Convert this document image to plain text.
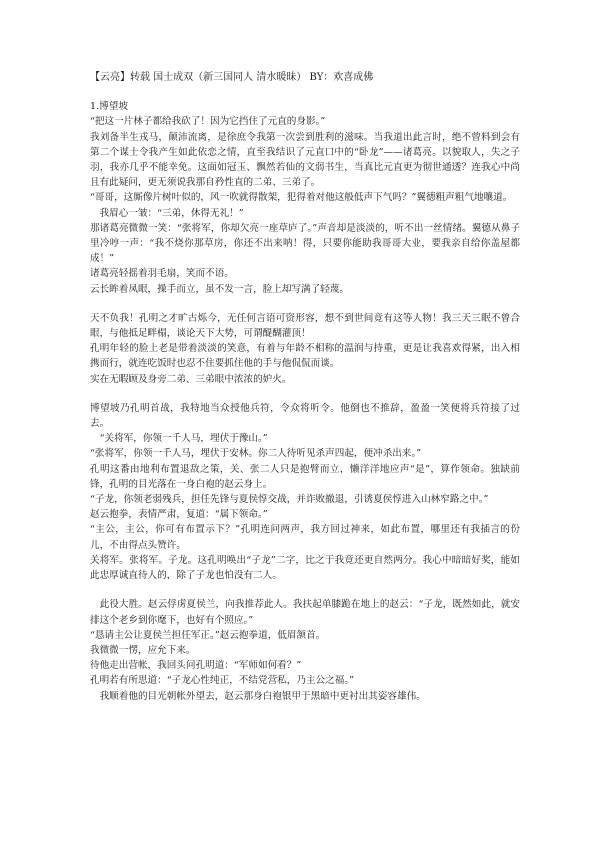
【云亮】转载 国士成双（新三国同人 清水暖昧） BY：欢喜成佛

1.博望坡

“把这一片林子都给我砍了！因为它挡住了元直的身影。”

我刘备半生戎马，颠沛流离，是徐庶令我第一次尝到胜利的滋味。当我道出此言时，绝不曾料到会有第二个谋士令我产生如此依恋之情，直至我结识了元直口中的“卧龙”——诸葛亮。以貌取人，失之子羽，我亦几乎不能幸免。这面如冠玉、飘然若仙的文弱书生，当真比元直更为彻世通透？连我心中尚且有此疑问，更无须说我那自矜性直的二弟、三弟了。

“哥哥，这厮像片树叶似的，风一吹就得散架，犯得着对他这般低声下气吗？”翼德粗声粗气地嚷道。

我眉心一皱：“三弟，休得无礼！”

那诸葛亮微微一笑：“张将军，你却欠亮一座草庐了。”声音却是淡淡的，听不出一丝情绪。翼德从鼻子里冷哼一声：“我不烧你那草房，你还不出来呐！得，只要你能助我哥哥大业，要我亲自给你盖屋都成！”

诸葛亮轻摇着羽毛扇，笑而不语。

云长眸着凤眼，操手而立，虽不发一言，脸上却写满了轻蔑。

天不负我！孔明之才旷古烁今，无任何言语可资形容，想不到世间竟有这等人物！我三天三眠不曾合眼，与他抵足畔榻，谈论天下大势，可谓醍醐灌顶！

孔明年轻的脸上老是带着淡淡的笑意，有着与年龄不相称的温润与持重，更是让我喜欢得紧，出入相携而行，就连吃饭时也忍不住要抓住他的手与他侃侃而谈。

实在无暇顾及身旁二弟、三弟眼中浓浓的妒火。

博望坡乃孔明首战，我特地当众授他兵符，令众将听令。他倒也不推辞，盈盈一笑便将兵符接了过去。

“关将军，你领一千人马，埋伏于豫山。”

“张将军，你领一千人马，埋伏于安林。你二人待听见杀声四起，便冲杀出来。”

孔明这番由地利布置退敌之策，关、张二人只是抱臂而立，懒洋洋地应声“是”，算作领命。独缺前锋，孔明的目光落在一身白袍的赵云身上。

“子龙，你领老弱残兵，担任先锋与夏侯惇交战，并诈败撤退，引诱夏侯惇进入山林窄路之中。”

赵云抱拳，表情严肃，复道：“属下领命。”

“主公，主公，你可有布置示下？”孔明连问两声，我方回过神来，如此布置，哪里还有我插言的份儿，不由得点头赞许。

关将军。张将军。子龙。这孔明唤出“子龙”二字，比之于我竟还更自然两分。我心中暗暗好奖，能如此忠厚诚直待人的，除了子龙也怕没有二人。

此役大胜。赵云俘虏夏侯兰，向我推荐此人。我扶起单膝跪在地上的赵云：“子龙，既然如此，就安排这个老乡到你麾下，也好有个照应。”

“恳请主公让夏侯兰担任军正。”赵云抱拳道，低眉颔首。

我微微一愣，应允下来。

待他走出营帐，我回头问孔明道：“军师如何看？”

孔明若有所思道：“子龙心性纯正，不结党营私，乃主公之福。”

我顺着他的目光朝帐外望去，赵云那身白袍银甲于黑暗中更衬出其姿容雄伟。
